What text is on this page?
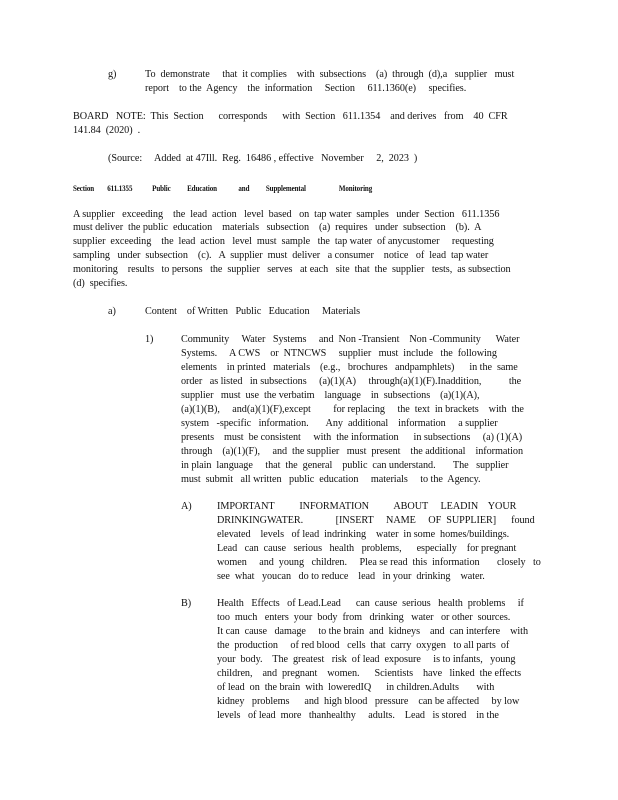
g)	To  demonstrate     that  it complies    with  subsections    (a)  through  (d),a   supplier   must
report    to the  Agency    the  information     Section     611.1360(e)     specifies.
BOARD   NOTE:  This  Section      corresponds      with  Section   611.1354    and derives   from    40  CFR
141.84  (2020)  .
(Source:     Added  at 47Ill.  Reg.  16486 , effective   November     2,  2023  )
Section        611.1355            Public          Education             and          Supplemental                    Monitoring
A supplier   exceeding    the  lead  action   level  based   on  tap water  samples   under  Section   611.1356
must deliver  the public  education    materials   subsection    (a)  requires   under  subsection    (b).  A
supplier  exceeding    the  lead  action   level  must  sample   the  tap water  of anycustomer     requesting
sampling   under  subsection    (c).   A  supplier  must  deliver   a consumer    notice   of  lead  tap water
monitoring    results   to persons   the  supplier   serves   at each   site  that  the  supplier   tests,  as subsection
(d)  specifies.
a)	Content    of Written   Public   Education     Materials
1)	Community     Water   Systems     and  Non -Transient    Non -Community      Water
Systems.     A CWS    or  NTNCWS     supplier   must  include   the  following
elements    in printed   materials    (e.g.,   brochures   andpamphlets)      in the  same
order   as listed   in subsections     (a)(1)(A)     through(a)(1)(F).Inaddition,           the
supplier   must  use  the verbatim    language    in  subsections    (a)(1)(A),
(a)(1)(B),     and(a)(1)(F),except         for replacing     the  text  in brackets    with  the
system   -specific   information.       Any  additional    information     a supplier
presents    must  be consistent     with  the information      in subsections     (a) (1)(A)
through    (a)(1)(F),     and  the supplier   must  present    the additional    information
in plain  language     that  the  general    public  can understand.       The   supplier
must  submit   all written   public  education     materials     to the  Agency.
A) IMPORTANT          INFORMATION          ABOUT     LEADIN    YOUR
DRINKINGWATER.             [INSERT     NAME     OF  SUPPLIER]      found
elevated    levels   of lead  indrinking    water  in some  homes/buildings.
Lead   can  cause   serious   health   problems,      especially    for pregnant
women     and  young   children.     Plea se read  this  information       closely   to
see  what   youcan   do to reduce    lead   in your  drinking    water.
B)	Health   Effects   of Lead.Lead      can  cause  serious   health  problems     if
too  much   enters  your  body  from   drinking   water   or other  sources.
It can  cause   damage     to the brain  and  kidneys    and  can interfere    with
the  production     of red blood   cells  that  carry  oxygen   to all parts  of
your  body.    The  greatest   risk  of lead  exposure     is to infants,   young
children,    and  pregnant    women.      Scientists    have   linked  the effects
of lead  on  the brain  with  loweredIQ      in children.Adults       with
kidney   problems      and  high blood   pressure    can be affected     by low
levels   of lead  more   thanhealthy     adults.    Lead   is stored    in the
